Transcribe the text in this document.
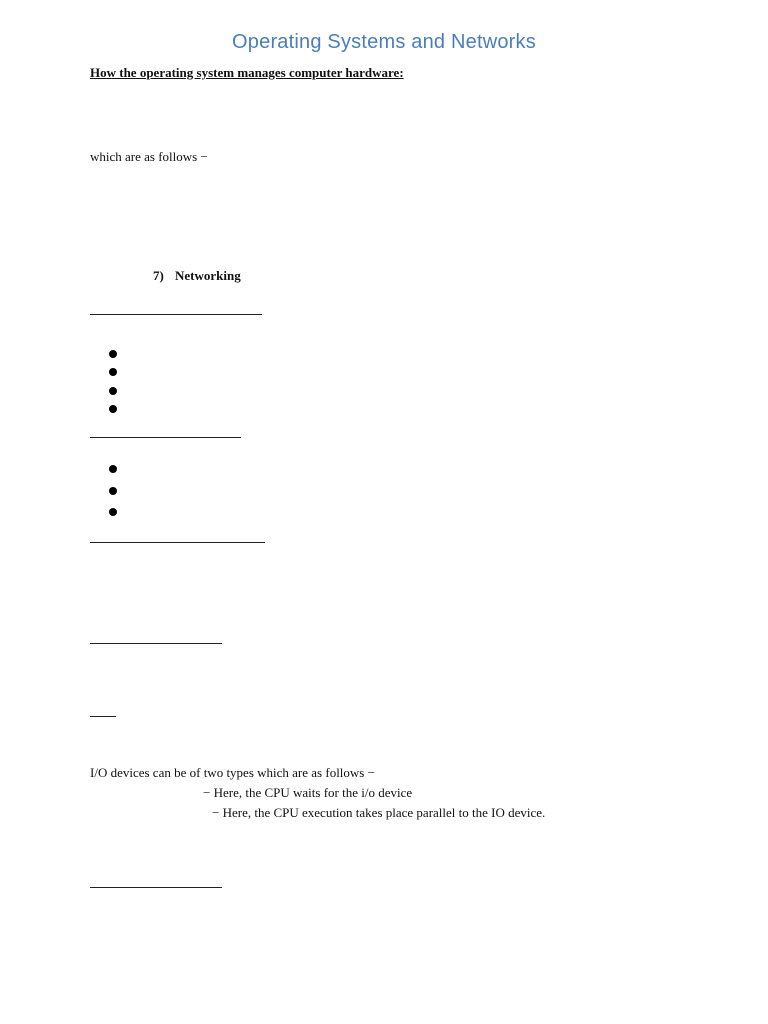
Operating Systems and Networks
How the operating system manages computer hardware:
which are as follows −
7) Networking
I/O devices can be of two types which are as follows −
− Here, the CPU waits for the i/o device
− Here, the CPU execution takes place parallel to the IO device.
